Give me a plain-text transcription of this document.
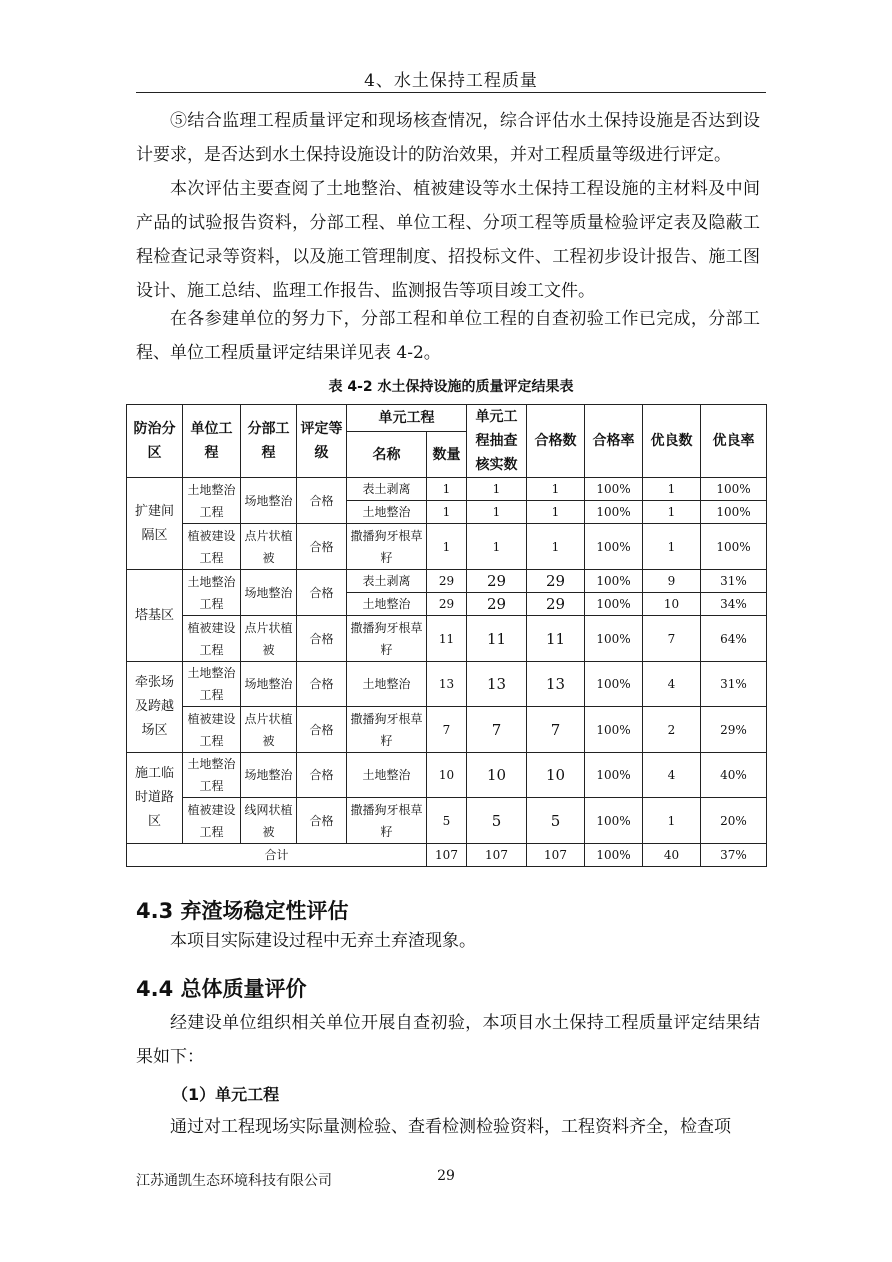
4、水土保持工程质量

⑤结合监理工程质量评定和现场核查情况，综合评估水土保持设施是否达到设计要求，是否达到水土保持设施设计的防治效果，并对工程质量等级进行评定。

本次评估主要查阅了土地整治、植被建设等水土保持工程设施的主材料及中间产品的试验报告资料，分部工程、单位工程、分项工程等质量检验评定表及隐蔽工程检查记录等资料，以及施工管理制度、招投标文件、工程初步设计报告、施工图设计、施工总结、监理工作报告、监测报告等项目竣工文件。

在各参建单位的努力下，分部工程和单位工程的自查初验工作已完成，分部工程、单位工程质量评定结果详见表 4-2。

表 4-2 水土保持设施的质量评定结果表
防治分区	单位工程	分部工程	评定等级	单元工程		单元工程抽查核实数	合格数	合格率	优良数	优良率
				名称	数量					
扩建间隔区	土地整治工程	场地整治	合格	表土剥离	1	1	1	100%	1	100%
				土地整治	1	1	1	100%	1	100%
	植被建设工程	点片状植被	合格	撒播狗牙根草籽	1	1	1	100%	1	100%
塔基区	土地整治工程	场地整治	合格	表土剥离	29	29	29	100%	9	31%
				土地整治	29	29	29	100%	10	34%
	植被建设工程	点片状植被	合格	撒播狗牙根草籽	11	11	11	100%	7	64%
牵张场及跨越场区	土地整治工程	场地整治	合格	土地整治	13	13	13	100%	4	31%
	植被建设工程	点片状植被	合格	撒播狗牙根草籽	7	7	7	100%	2	29%
施工临时道路区	土地整治工程	场地整治	合格	土地整治	10	10	10	100%	4	40%
	植被建设工程	线网状植被	合格	撒播狗牙根草籽	5	5	5	100%	1	20%
合计					107	107	107	100%	40	37%
4.3 弃渣场稳定性评估

本项目实际建设过程中无弃土弃渣现象。

4.4 总体质量评价

经建设单位组织相关单位开展自查初验，本项目水土保持工程质量评定结果结果如下：

（1）单元工程

通过对工程现场实际量测检验、查看检测检验资料，工程资料齐全，检查项

江苏通凯生态环境科技有限公司	29
